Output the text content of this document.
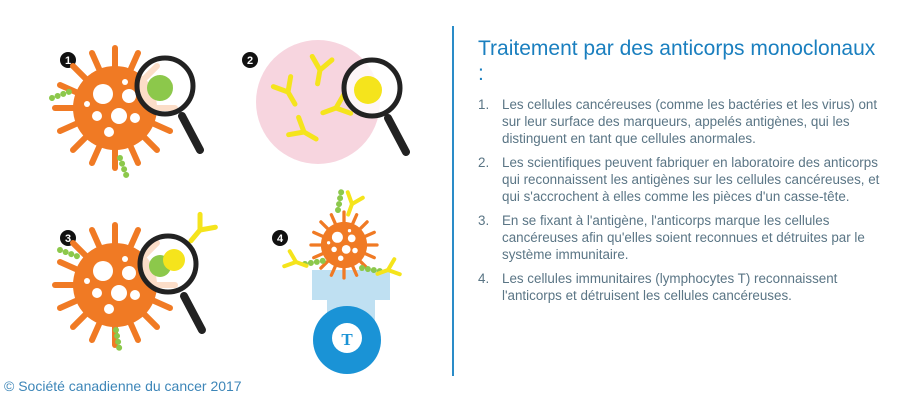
1	2
3	4
T
Traitement par des anticorps monoclonaux :
1. Les cellules cancéreuses (comme les bactéries et les virus) ont sur leur surface des marqueurs, appelés antigènes, qui les distinguent en tant que cellules anormales.
2. Les scientifiques peuvent fabriquer en laboratoire des anticorps qui reconnaissent les antigènes sur les cellules cancéreuses, et qui s'accrochent à elles comme les pièces d'un casse-tête.
3. En se fixant à l'antigène, l'anticorps marque les cellules cancéreuses afin qu'elles soient reconnues et détruites par le système immunitaire.
4. Les cellules immunitaires (lymphocytes T) reconnaissent l'anticorps et détruisent les cellules cancéreuses.
© Société canadienne du cancer 2017
